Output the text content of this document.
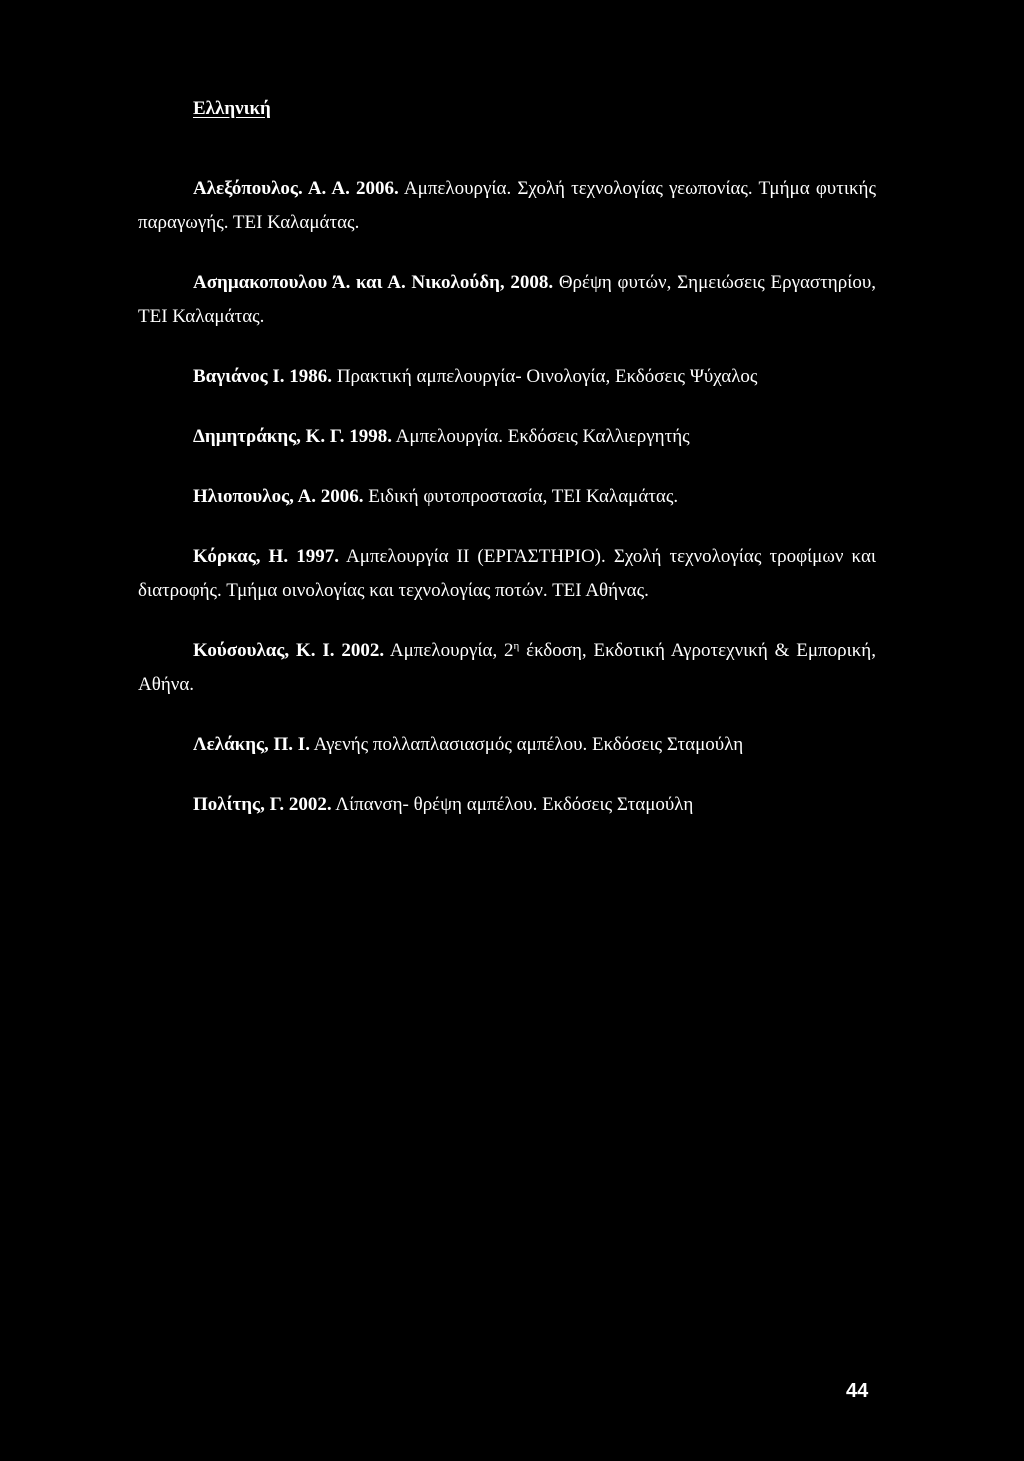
Ελληνική
Αλεξόπουλος. Α. Α. 2006. Αμπελουργία. Σχολή τεχνολογίας γεωπονίας. Τμήμα φυτικής παραγωγής. ΤΕΙ Καλαμάτας.
Ασημακοπουλου Ά. και Α. Νικολούδη, 2008. Θρέψη φυτών, Σημειώσεις Εργαστηρίου, ΤΕΙ Καλαμάτας.
Βαγιάνος Ι. 1986. Πρακτική αμπελουργία- Οινολογία, Εκδόσεις Ψύχαλος
Δημητράκης, Κ. Γ. 1998. Αμπελουργία. Εκδόσεις Καλλιεργητής
Ηλιοπουλος, Α. 2006. Ειδική φυτοπροστασία, ΤΕΙ Καλαμάτας.
Κόρκας, Η. 1997. Αμπελουργία II (ΕΡΓΑΣΤΗΡΙΟ). Σχολή τεχνολογίας τροφίμων και διατροφής. Τμήμα οινολογίας και τεχνολογίας ποτών. ΤΕΙ Αθήνας.
Κούσουλας, Κ. Ι. 2002. Αμπελουργία, $2^\eta$ έκδοση, Εκδοτική Αγροτεχνική & Εμπορική, Αθήνα.
Λελάκης, Π. Ι. Αγενής πολλαπλασιασμός αμπέλου. Εκδόσεις Σταμούλη
Πολίτης, Γ. 2002. Λίπανση- θρέψη αμπέλου. Εκδόσεις Σταμούλη

44
